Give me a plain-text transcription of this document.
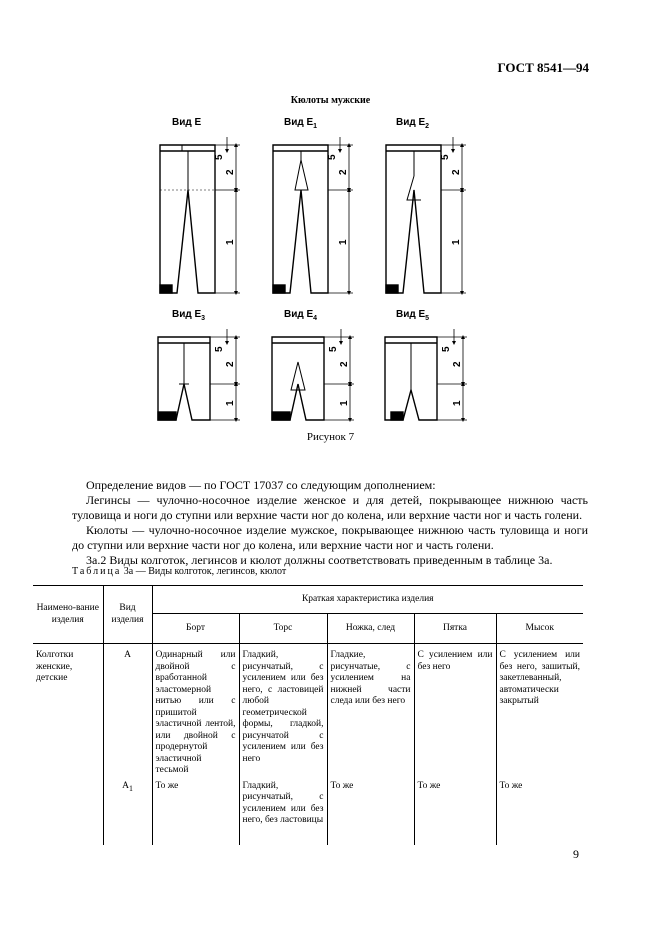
ГОСТ 8541—94
Кюлоты мужские
Вид Е	Вид $Е_1$	Вид $Е_2$
Вид $Е_3$	Вид $Е_4$	Вид $Е_5$
5
2
1
5
2
1
5
2
1
5
2
1
5
2
1
5
2
1
Рисунок 7
Определение видов — по ГОСТ 17037 со следующим дополнением:
Легинсы — чулочно-носочное изделие женское и для детей, покрывающее нижнюю часть туловища и ноги до ступни или верхние части ног до колена, или верхние части ног и часть голени.
Кюлоты — чулочно-носочное изделие мужское, покрывающее нижнюю часть туловища и ноги до ступни или верхние части ног до колена, или верхние части ног и часть голени.
3а.2 Виды колготок, легинсов и кюлот должны соответствовать приведенным в таблице 3а.
Таблица 3а — Виды колготок, легинсов, кюлот
Наимено-вание изделия	Вид изделия	Краткая характеристика изделия				
		Борт	Торс	Ножка, след	Пятка	Мысок
Колготки женские, детские	A	Одинарный или двойной с вработанной эластомерной нитью или с пришитой эластичной лентой, или двойной с продернутой эластичной тесьмой	Гладкий, рисунчатый, с усилением или без него, с ластовицей любой геометрической формы, гладкой, рисунчатой с усилением или без него	Гладкие, рисунчатые, с усилением на нижней части следа или без него	С усилением или без него	С усилением или без него, зашитый, закетлеванный, автоматически закрытый
	$A_1$	То же	Гладкий, рисунчатый, с усилением или без него, без ластовицы	То же	То же	То же
9
